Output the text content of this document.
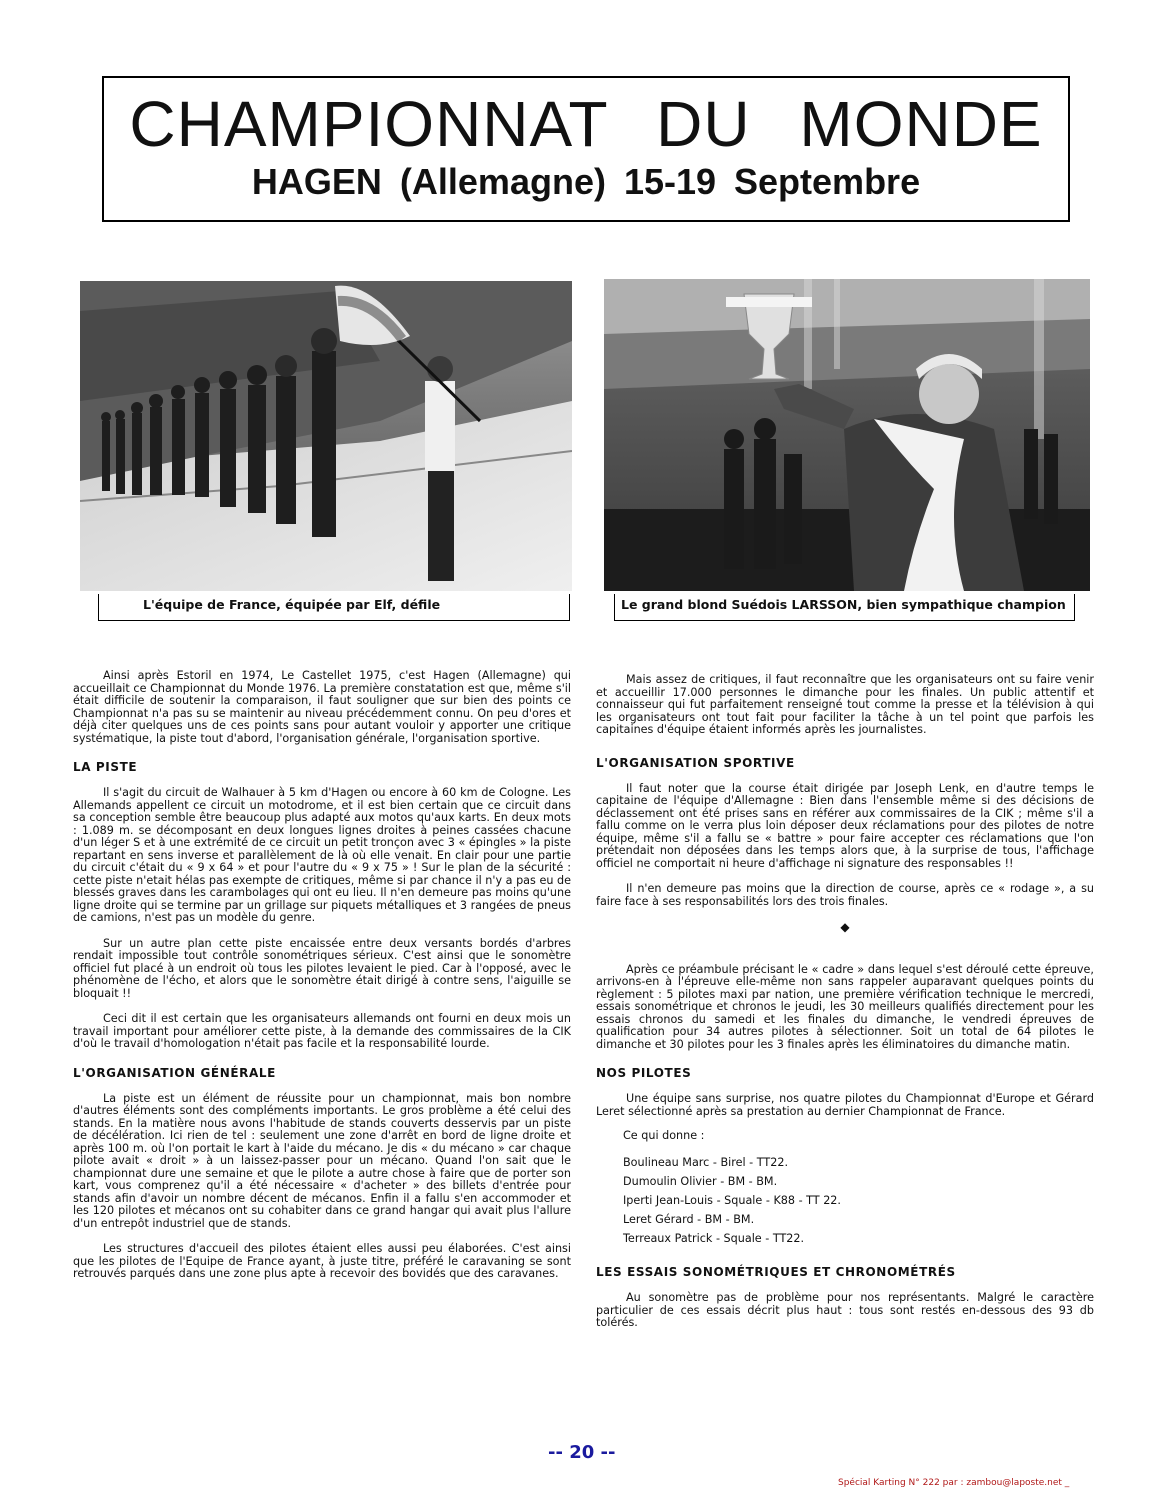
CHAMPIONNAT DU MONDE
HAGEN (Allemagne) 15-19 Septembre
L'équipe de France, équipée par Elf, défile	Le grand blond Suédois LARSSON, bien sympathique champion

Ainsi après Estoril en 1974, Le Castellet 1975, c'est Hagen (Allemagne) qui accueillait ce Championnat du Monde 1976. La première constatation est que, même s'il était difficile de soutenir la comparaison, il faut souligner que sur bien des points ce Championnat n'a pas su se maintenir au niveau précédemment connu. On peu d'ores et déjà citer quelques uns de ces points sans pour autant vouloir y apporter une critique systématique, la piste tout d'abord, l'organisation générale, l'organisation sportive.

LA PISTE

Il s'agit du circuit de Walhauer à 5 km d'Hagen ou encore à 60 km de Cologne. Les Allemands appellent ce circuit un motodrome, et il est bien certain que ce circuit dans sa conception semble être beaucoup plus adapté aux motos qu'aux karts. En deux mots : 1.089 m. se décomposant en deux longues lignes droites à peines cassées chacune d'un léger S et à une extrémité de ce circuit un petit tronçon avec 3 « épingles » la piste repartant en sens inverse et parallèlement de là où elle venait. En clair pour une partie du circuit c'était du « 9 x 64 » et pour l'autre du « 9 x 75 » ! Sur le plan de la sécurité : cette piste n'etait hélas pas exempte de critiques, même si par chance il n'y a pas eu de blessés graves dans les carambolages qui ont eu lieu. Il n'en demeure pas moins qu'une ligne droite qui se termine par un grillage sur piquets métalliques et 3 rangées de pneus de camions, n'est pas un modèle du genre.

Sur un autre plan cette piste encaissée entre deux versants bordés d'arbres rendait impossible tout contrôle sonométriques sérieux. C'est ainsi que le sonomètre officiel fut placé à un endroit où tous les pilotes levaient le pied. Car à l'opposé, avec le phénomène de l'écho, et alors que le sonomètre était dirigé à contre sens, l'aiguille se bloquait !!

Ceci dit il est certain que les organisateurs allemands ont fourni en deux mois un travail important pour améliorer cette piste, à la demande des commissaires de la CIK d'où le travail d'homologation n'était pas facile et la responsabilité lourde.

L'ORGANISATION GÉNÉRALE

La piste est un élément de réussite pour un championnat, mais bon nombre d'autres éléments sont des compléments importants. Le gros problème a été celui des stands. En la matière nous avons l'habitude de stands couverts desservis par un piste de décélération. Ici rien de tel : seulement une zone d'arrêt en bord de ligne droite et après 100 m. où l'on portait le kart à l'aide du mécano. Je dis « du mécano » car chaque pilote avait « droit » à un laissez-passer pour un mécano. Quand l'on sait que le championnat dure une semaine et que le pilote a autre chose à faire que de porter son kart, vous comprenez qu'il a été nécessaire « d'acheter » des billets d'entrée pour stands afin d'avoir un nombre décent de mécanos. Enfin il a fallu s'en accommoder et les 120 pilotes et mécanos ont su cohabiter dans ce grand hangar qui avait plus l'allure d'un entrepôt industriel que de stands.

Les structures d'accueil des pilotes étaient elles aussi peu élaborées. C'est ainsi que les pilotes de l'Equipe de France ayant, à juste titre, préféré le caravaning se sont retrouvés parqués dans une zone plus apte à recevoir des bovidés que des caravanes.

Mais assez de critiques, il faut reconnaître que les organisateurs ont su faire venir et accueillir 17.000 personnes le dimanche pour les finales. Un public attentif et connaisseur qui fut parfaitement renseigné tout comme la presse et la télévision à qui les organisateurs ont tout fait pour faciliter la tâche à un tel point que parfois les capitaines d'équipe étaient informés après les journalistes.

L'ORGANISATION SPORTIVE

Il faut noter que la course était dirigée par Joseph Lenk, en d'autre temps le capitaine de l'équipe d'Allemagne : Bien dans l'ensemble même si des décisions de déclassement ont été prises sans en référer aux commissaires de la CIK ; même s'il a fallu comme on le verra plus loin déposer deux réclamations pour des pilotes de notre équipe, même s'il a fallu se « battre » pour faire accepter ces réclamations que l'on prétendait non déposées dans les temps alors que, à la surprise de tous, l'affichage officiel ne comportait ni heure d'affichage ni signature des responsables !!

Il n'en demeure pas moins que la direction de course, après ce « rodage », a su faire face à ses responsabilités lors des trois finales.

◆

Après ce préambule précisant le « cadre » dans lequel s'est déroulé cette épreuve, arrivons-en à l'épreuve elle-même non sans rappeler auparavant quelques points du règlement : 5 pilotes maxi par nation, une première vérification technique le mercredi, essais sonométrique et chronos le jeudi, les 30 meilleurs qualifiés directement pour les essais chronos du samedi et les finales du dimanche, le vendredi épreuves de qualification pour 34 autres pilotes à sélectionner. Soit un total de 64 pilotes le dimanche et 30 pilotes pour les 3 finales après les éliminatoires du dimanche matin.

NOS PILOTES

Une équipe sans surprise, nos quatre pilotes du Championnat d'Europe et Gérard Leret sélectionné après sa prestation au dernier Championnat de France.

Ce qui donne :
Boulineau Marc - Birel - TT22.
Dumoulin Olivier - BM - BM.
Iperti Jean-Louis - Squale - K88 - TT 22.
Leret Gérard - BM - BM.
Terreaux Patrick - Squale - TT22.
LES ESSAIS SONOMÉTRIQUES ET CHRONOMÉTRÉS

Au sonomètre pas de problème pour nos représentants. Malgré le caractère particulier de ces essais décrit plus haut : tous sont restés en-dessous des 93 db tolérés.

-- 20 --
Spécial Karting N° 222 par : zambou@laposte.net _
